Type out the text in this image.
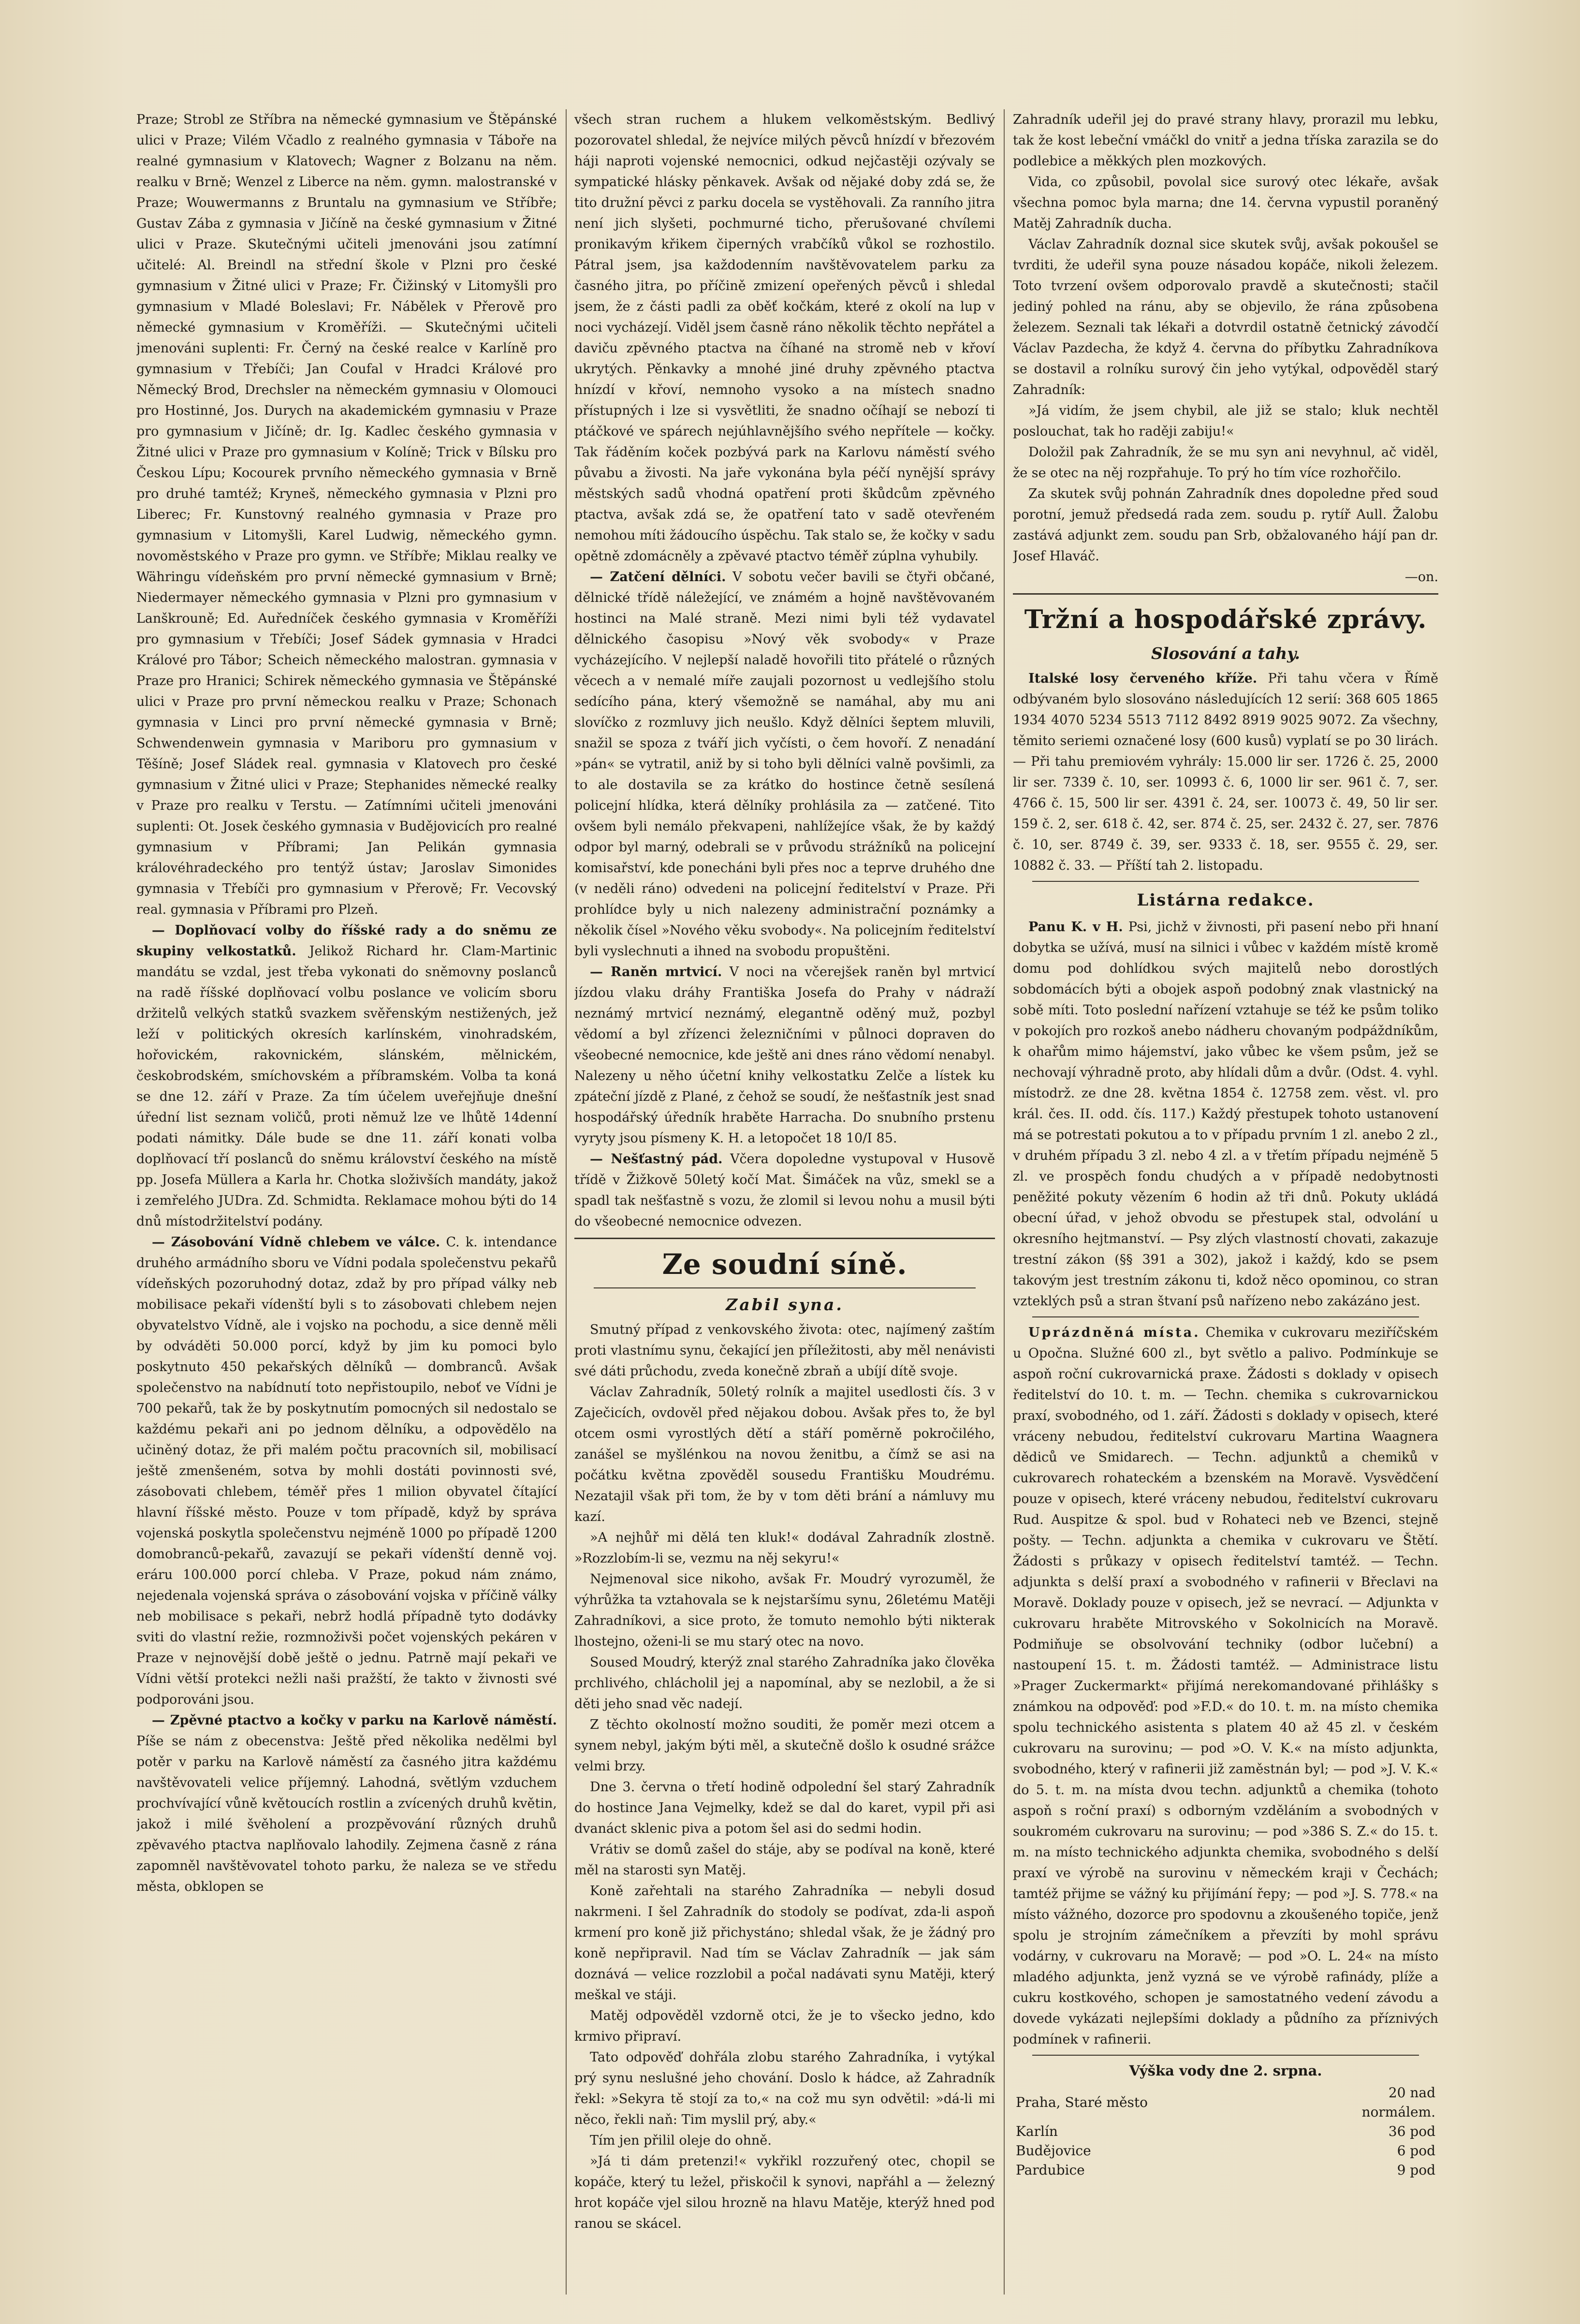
Praze; Strobl ze Stříbra na německé gymnasium ve Štěpánské ulici v Praze; Vilém Včadlo z realného gymnasia v Táboře na realné gymnasium v Klatovech; Wagner z Bolzanu na něm. realku v Brně; Wenzel z Liberce na něm. gymn. malostranské v Praze; Wouwermanns z Bruntalu na gymnasium ve Stříbře; Gustav Zába z gymnasia v Jičíně na české gymnasium v Žitné ulici v Praze. Skutečnými učiteli jmenováni jsou zatímní učitelé: Al. Breindl na střední škole v Plzni pro české gymnasium v Žitné ulici v Praze; Fr. Čižinský v Litomyšli pro gymnasium v Mladé Boleslavi; Fr. Nábělek v Přerově pro německé gymnasium v Kroměříži. — Skutečnými učiteli jmenováni suplenti: Fr. Černý na české realce v Karlíně pro gymnasium v Třebíči; Jan Coufal v Hradci Králové pro Německý Brod, Drechsler na německém gymnasiu v Olomouci pro Hostinné, Jos. Durych na akademickém gymnasiu v Praze pro gymnasium v Jičíně; dr. Ig. Kadlec českého gymnasia v Žitné ulici v Praze pro gymnasium v Kolíně; Trick v Bílsku pro Českou Lípu; Kocourek prvního německého gymnasia v Brně pro druhé tamtéž; Kryneš, německého gymnasia v Plzni pro Liberec; Fr. Kunstovný realného gymnasia v Praze pro gymnasium v Litomyšli, Karel Ludwig, německého gymn. novoměstského v Praze pro gymn. ve Stříbře; Miklau realky ve Währingu vídeňském pro první německé gymnasium v Brně; Niedermayer německého gymnasia v Plzni pro gymnasium v Lanškrouně; Ed. Auředníček českého gymnasia v Kroměříži pro gymnasium v Třebíči; Josef Sádek gymnasia v Hradci Králové pro Tábor; Scheich německého malostran. gymnasia v Praze pro Hranici; Schirek německého gymnasia ve Štěpánské ulici v Praze pro první německou realku v Praze; Schonach gymnasia v Linci pro první německé gymnasia v Brně; Schwendenwein gymnasia v Mariboru pro gymnasium v Těšíně; Josef Sládek real. gymnasia v Klatovech pro české gymnasium v Žitné ulici v Praze; Stephanides německé realky v Praze pro realku v Terstu. — Zatímními učiteli jmenováni suplenti: Ot. Josek českého gymnasia v Budějovicích pro realné gymnasium v Příbrami; Jan Pelikán gymnasia královéhradeckého pro tentýž ústav; Jaroslav Simonides gymnasia v Třebíči pro gymnasium v Přerově; Fr. Vecovský real. gymnasia v Příbrami pro Plzeň.

— Doplňovací volby do říšské rady a do sněmu ze skupiny velkostatků. Jelikož Richard hr. Clam-Martinic mandátu se vzdal, jest třeba vykonati do sněmovny poslanců na radě říšské doplňovací volbu poslance ve volicím sboru držitelů velkých statků svazkem svěřenským nestižených, jež leží v politických okresích karlínském, vinohradském, hořovickém, rakovnickém, slánském, mělnickém, českobrodském, smíchovském a příbramském. Volba ta koná se dne 12. září v Praze. Za tím účelem uveřejňuje dnešní úřední list seznam voličů, proti němuž lze ve lhůtě 14denní podati námitky. Dále bude se dne 11. září konati volba doplňovací tří poslanců do sněmu království českého na místě pp. Josefa Müllera a Karla hr. Chotka složivších mandáty, jakož i zemřelého JUDra. Zd. Schmidta. Reklamace mohou býti do 14 dnů místodržitelství podány.

— Zásobování Vídně chlebem ve válce. C. k. intendance druhého armádního sboru ve Vídni podala společenstvu pekařů vídeňských pozoruhodný dotaz, zdaž by pro případ války neb mobilisace pekaři vídenští byli s to zásobovati chlebem nejen obyvatelstvo Vídně, ale i vojsko na pochodu, a sice denně měli by odváděti 50.000 porcí, když by jim ku pomoci bylo poskytnuto 450 pekařských dělníků — dombranců. Avšak společenstvo na nabídnutí toto nepřistoupilo, neboť ve Vídni je 700 pekařů, tak že by poskytnutím pomocných sil nedostalo se každému pekaři ani po jednom dělníku, a odpovědělo na učiněný dotaz, že při malém počtu pracovních sil, mobilisací ještě zmenšeném, sotva by mohli dostáti povinnosti své, zásobovati chlebem, téměř přes 1 milion obyvatel čítající hlavní říšské město. Pouze v tom případě, když by správa vojenská poskytla společenstvu nejméně 1000 po případě 1200 domobranců-pekařů, zavazují se pekaři vídenští denně voj. eráru 100.000 porcí chleba. V Praze, pokud nám známo, nejedenala vojenská správa o zásobování vojska v příčině války neb mobilisace s pekaři, nebrž hodlá případně tyto dodávky sviti do vlastní režie, rozmnoživši počet vojenských pekáren v Praze v nejnovější době ještě o jednu. Patrně mají pekaři ve Vídni větší protekci nežli naši pražští, že takto v živnosti své podporováni jsou.

— Zpěvné ptactvo a kočky v parku na Karlově náměstí. Píše se nám z obecenstva: Ještě před několika nedělmi byl potěr v parku na Karlově náměstí za časného jitra každému navštěvovateli velice příjemný. Lahodná, světlým vzduchem prochvívající vůně květoucích rostlin a zvícených druhů květin, jakož i milé švěholení a prozpěvování různých druhů zpěvavého ptactva naplňovalo lahodily. Zejmena časně z rána zapomněl navštěvovatel tohoto parku, že naleza se ve středu města, obklopen se

všech stran ruchem a hlukem velkoměstským. Bedlivý pozorovatel shledal, že nejvíce milých pěvců hnízdí v březovém háji naproti vojenské nemocnici, odkud nejčastěji ozývaly se sympatické hlásky pěnkavek. Avšak od nějaké doby zdá se, že tito družní pěvci z parku docela se vystěhovali. Za ranního jitra není jich slyšeti, pochmurné ticho, přerušované chvílemi pronikavým křikem čiperných vrabčíků vůkol se rozhostilo. Pátral jsem, jsa každodenním navštěvovatelem parku za časného jitra, po příčině zmizení opeřených pěvců i shledal jsem, že z části padli za oběť kočkám, které z okolí na lup v noci vycházejí. Viděl jsem časně ráno několik těchto nepřátel a daviču zpěvného ptactva na číhané na stromě neb v křoví ukrytých. Pěnkavky a mnohé jiné druhy zpěvného ptactva hnízdí v křoví, nemnoho vysoko a na místech snadno přístupných i lze si vysvětliti, že snadno očíhají se nebozí ti ptáčkové ve spárech nejúhlavnějšího svého nepřítele — kočky. Tak řáděním koček pozbývá park na Karlovu náměstí svého půvabu a živosti. Na jaře vykonána byla péčí nynější správy městských sadů vhodná opatření proti škůdcům zpěvného ptactva, avšak zdá se, že opatření tato v sadě otevřeném nemohou míti žádoucího úspěchu. Tak stalo se, že kočky v sadu opětně zdomácněly a zpěvavé ptactvo téměř zúplna vyhubily.

— Zatčení dělníci. V sobotu večer bavili se čtyři občané, dělnické třídě náležející, ve známém a hojně navštěvovaném hostinci na Malé straně. Mezi nimi byli též vydavatel dělnického časopisu »Nový věk svobody« v Praze vycházejícího. V nejlepší naladě hovořili tito přátelé o různých věcech a v nemalé míře zaujali pozornost u vedlejšího stolu sedícího pána, který všemožně se namáhal, aby mu ani slovíčko z rozmluvy jich neušlo. Když dělníci šeptem mluvili, snažil se spoza z tváří jich vyčísti, o čem hovoří. Z nenadání »pán« se vytratil, aniž by si toho byli dělníci valně povšimli, za to ale dostavila se za krátko do hostince četně sesílená policejní hlídka, která dělníky prohlásila za — zatčené. Tito ovšem byli nemálo překvapeni, nahlížejíce však, že by každý odpor byl marný, odebrali se v průvodu strážníků na policejní komisařství, kde ponecháni byli přes noc a teprve druhého dne (v neděli ráno) odvedeni na policejní ředitelství v Praze. Při prohlídce byly u nich nalezeny administrační poznámky a několik čísel »Nového věku svobody«. Na policejním ředitelství byli vyslechnuti a ihned na svobodu propuštěni.

— Raněn mrtvicí. V noci na včerejšek raněn byl mrtvicí jízdou vlaku dráhy Františka Josefa do Prahy v nádraží neznámý mrtvicí neznámý, elegantně oděný muž, pozbyl vědomí a byl zřízenci železničními v půlnoci dopraven do všeobecné nemocnice, kde ještě ani dnes ráno vědomí nenabyl. Nalezeny u něho účetní knihy velkostatku Zelče a lístek ku zpáteční jízdě z Plané, z čehož se soudí, že nešťastník jest snad hospodářský úředník hraběte Harracha. Do snubního prstenu vyryty jsou písmeny K. H. a letopočet 18 10/I 85.

— Nešťastný pád. Včera dopoledne vystupoval v Husově třídě v Žižkově 50letý kočí Mat. Šimáček na vůz, smekl se a spadl tak nešťastně s vozu, že zlomil si levou nohu a musil býti do všeobecné nemocnice odvezen.

Ze soudní síně.
Zabil syna.

Smutný případ z venkovského života: otec, najímený zaštím proti vlastnímu synu, čekající jen příležitosti, aby měl nenávisti své dáti průchodu, zveda konečně zbraň a ubíjí dítě svoje.

Václav Zahradník, 50letý rolník a majitel usedlosti čís. 3 v Zaječicích, ovdověl před nějakou dobou. Avšak přes to, že byl otcem osmi vyrostlých dětí a stáří poměrně pokročilého, zanášel se myšlénkou na novou ženitbu, a čímž se asi na počátku května zpověděl sousedu Františku Moudrému. Nezatajil však při tom, že by v tom děti brání a námluvy mu kazí.

»A nejhůř mi dělá ten kluk!« dodával Zahradník zlostně. »Rozzlobím-li se, vezmu na něj sekyru!«

Nejmenoval sice nikoho, avšak Fr. Moudrý vyrozuměl, že výhrůžka ta vztahovala se k nejstaršímu synu, 26letému Matěji Zahradníkovi, a sice proto, že tomuto nemohlo býti nikterak lhostejno, oženi-li se mu starý otec na novo.

Soused Moudrý, kterýž znal starého Zahradníka jako člověka prchlivého, chlácholil jej a napomínal, aby se nezlobil, a že si děti jeho snad věc nadejí.

Z těchto okolností možno souditi, že poměr mezi otcem a synem nebyl, jakým býti měl, a skutečně došlo k osudné srážce velmi brzy.

Dne 3. června o třetí hodině odpolední šel starý Zahradník do hostince Jana Vejmelky, kdež se dal do karet, vypil při asi dvanáct sklenic piva a potom šel asi do sedmi hodin.

Vrátiv se domů zašel do stáje, aby se podíval na koně, které měl na starosti syn Matěj.

Koně zařehtali na starého Zahradníka — nebyli dosud nakrmeni. I šel Zahradník do stodoly se podívat, zda-li aspoň krmení pro koně již přichystáno; shledal však, že je žádný pro koně nepřipravil. Nad tím se Václav Zahradník — jak sám doznává — velice rozzlobil a počal nadávati synu Matěji, který meškal ve stáji.

Matěj odpověděl vzdorně otci, že je to všecko jedno, kdo krmivo připraví.

Tato odpověď dohřála zlobu starého Zahradníka, i vytýkal prý synu neslušné jeho chování. Doslo k hádce, až Zahradník řekl: »Sekyra tě stojí za to,« na což mu syn odvětil: »dá-li mi něco, řekli naň: Tim myslil prý, aby.«

Tím jen přilil oleje do ohně.

»Já ti dám pretenzi!« vykřikl rozzuřený otec, chopil se kopáče, který tu ležel, přiskočil k synovi, napřáhl a — železný hrot kopáče vjel silou hrozně na hlavu Matěje, kterýž hned pod ranou se skácel.

Zahradník udeřil jej do pravé strany hlavy, prorazil mu lebku, tak že kost lebeční vmáčkl do vnitř a jedna tříska zarazila se do podlebice a měkkých plen mozkových.

Vida, co způsobil, povolal sice surový otec lékaře, avšak všechna pomoc byla marna; dne 14. června vypustil poraněný Matěj Zahradník ducha.

Václav Zahradník doznal sice skutek svůj, avšak pokoušel se tvrditi, že udeřil syna pouze násadou kopáče, nikoli železem. Toto tvrzení ovšem odporovalo pravdě a skutečnosti; stačil jediný pohled na ránu, aby se objevilo, že rána způsobena železem. Seznali tak lékaři a dotvrdil ostatně četnický závodčí Václav Pazdecha, že když 4. června do příbytku Zahradníkova se dostavil a rolníku surový čin jeho vytýkal, odpověděl starý Zahradník:

»Já vidím, že jsem chybil, ale již se stalo; kluk nechtěl poslouchat, tak ho raději zabiju!«

Doložil pak Zahradník, že se mu syn ani nevyhnul, ač viděl, že se otec na něj rozpřahuje. To prý ho tím více rozhořčilo.

Za skutek svůj pohnán Zahradník dnes dopoledne před soud porotní, jemuž předsedá rada zem. soudu p. rytíř Aull. Žalobu zastává adjunkt zem. soudu pan Srb, obžalovaného hájí pan dr. Josef Hlaváč.

—on.
Tržní a hospodářské zprávy.
Slosování a tahy.

Italské losy červeného kříže. Při tahu včera v Římě odbývaném bylo slosováno následujících 12 serií: 368 605 1865 1934 4070 5234 5513 7112 8492 8919 9025 9072. Za všechny, těmito seriemi označené losy (600 kusů) vyplatí se po 30 lirách. — Při tahu premiovém vyhrály: 15.000 lir ser. 1726 č. 25, 2000 lir ser. 7339 č. 10, ser. 10993 č. 6, 1000 lir ser. 961 č. 7, ser. 4766 č. 15, 500 lir ser. 4391 č. 24, ser. 10073 č. 49, 50 lir ser. 159 č. 2, ser. 618 č. 42, ser. 874 č. 25, ser. 2432 č. 27, ser. 7876 č. 10, ser. 8749 č. 39, ser. 9333 č. 18, ser. 9555 č. 29, ser. 10882 č. 33. — Příští tah 2. listopadu.

Listárna redakce.

Panu K. v H. Psi, jichž v živnosti, při pasení nebo při hnaní dobytka se užívá, musí na silnici i vůbec v každém místě kromě domu pod dohlídkou svých majitelů nebo dorostlých sobdomácích býti a obojek aspoň podobný znak vlastnický na sobě míti. Toto poslední nařízení vztahuje se též ke psům toliko v pokojích pro rozkoš anebo nádheru chovaným podpáždníkům, k ohařům mimo hájemství, jako vůbec ke všem psům, jež se nechovají výhradně proto, aby hlídali dům a dvůr. (Odst. 4. vyhl. místodrž. ze dne 28. května 1854 č. 12758 zem. věst. vl. pro král. čes. II. odd. čís. 117.) Každý přestupek tohoto ustanovení má se potrestati pokutou a to v případu prvním 1 zl. anebo 2 zl., v druhém případu 3 zl. nebo 4 zl. a v třetím případu nejméně 5 zl. ve prospěch fondu chudých a v případě nedobytnosti peněžité pokuty vězením 6 hodin až tři dnů. Pokuty ukládá obecní úřad, v jehož obvodu se přestupek stal, odvolání u okresního hejtmanství. — Psy zlých vlastností chovati, zakazuje trestní zákon (§§ 391 a 302), jakož i každý, kdo se psem takovým jest trestním zákonu ti, kdož něco opominou, co stran vzteklých psů a stran štvaní psů nařízeno nebo zakázáno jest.

Uprázdněná místa. Chemika v cukrovaru meziříčském u Opočna. Služné 600 zl., byt světlo a palivo. Podmínkuje se aspoň roční cukrovarnická praxe. Žádosti s doklady v opisech ředitelství do 10. t. m. — Techn. chemika s cukrovarnickou praxí, svobodného, od 1. září. Žádosti s doklady v opisech, které vráceny nebudou, ředitelství cukrovaru Martina Waagnera dědiců ve Smidarech. — Techn. adjunktů a chemiků v cukrovarech rohateckém a bzenském na Moravě. Vysvědčení pouze v opisech, které vráceny nebudou, ředitelství cukrovaru Rud. Auspitze & spol. bud v Rohateci neb ve Bzenci, stejně pošty. — Techn. adjunkta a chemika v cukrovaru ve Štětí. Žádosti s průkazy v opisech ředitelství tamtéž. — Techn. adjunkta s delší praxí a svobodného v rafinerii v Břeclavi na Moravě. Doklady pouze v opisech, jež se nevrací. — Adjunkta v cukrovaru hraběte Mitrovského v Sokolnicích na Moravě. Podmiňuje se obsolvování techniky (odbor lučební) a nastoupení 15. t. m. Žádosti tamtéž. — Administrace listu »Prager Zuckermarkt« přijímá nerekomandované přihlášky s známkou na odpověď: pod »F.D.« do 10. t. m. na místo chemika spolu technického asistenta s platem 40 až 45 zl. v českém cukrovaru na surovinu; — pod »O. V. K.« na místo adjunkta, svobodného, který v rafinerii již zaměstnán byl; — pod »J. V. K.« do 5. t. m. na místa dvou techn. adjunktů a chemika (tohoto aspoň s roční praxí) s odborným vzděláním a svobodných v soukromém cukrovaru na surovinu; — pod »386 S. Z.« do 15. t. m. na místo technického adjunkta chemika, svobodného s delší praxí ve výrobě na surovinu v německém kraji v Čechách; tamtéž přijme se vážný ku přijímání řepy; — pod »J. S. 778.« na místo vážného, dozorce pro spodovnu a zkoušeného topiče, jenž spolu je strojním zámečníkem a převzíti by mohl správu vodárny, v cukrovaru na Moravě; — pod »O. L. 24« na místo mladého adjunkta, jenž vyzná se ve výrobě rafinády, plíže a cukru kostkového, schopen je samostatného vedení závodu a dovede vykázati nejlepšími doklady a půdního za příznivých podmínek v rafinerii.

Výška vody dne 2. srpna.
Praha, Staré město	20 nad normálem.
Karlín	36 pod
Budějovice	6 pod
Pardubice	9 pod
